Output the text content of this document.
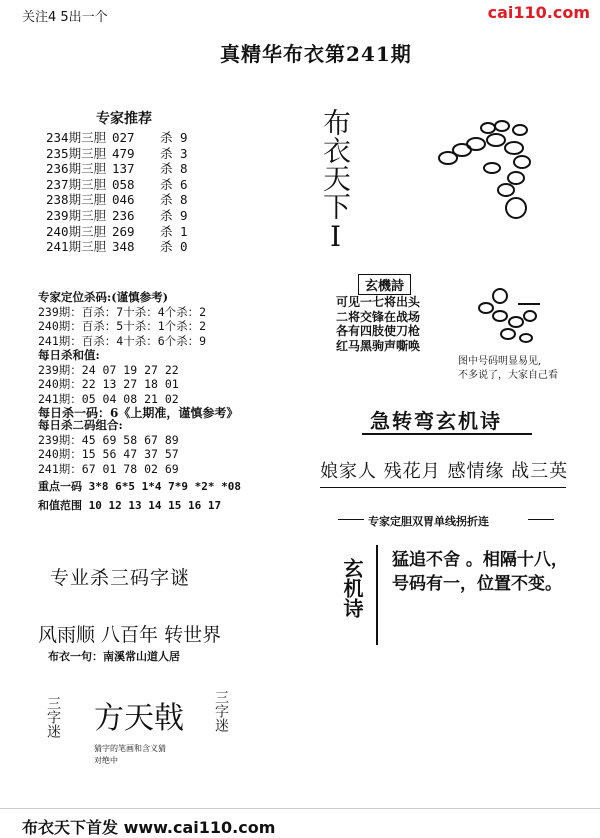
关注4 5出一个	cai110.com
真精华布衣第241期
专家推荐
234期三胆 027 杀 9
235期三胆 479 杀 3
236期三胆 137 杀 8
237期三胆 058 杀 6
238期三胆 046 杀 8
239期三胆 236 杀 9
240期三胆 269 杀 1
241期三胆 348 杀 0
专家定位杀码:(谨慎参考)
239期：百杀：7十杀：4个杀：2
240期：百杀：5十杀：1个杀：2
241期：百杀：4十杀：6个杀：9
每日杀和值:
239期：24 07 19 27 22
240期：22 13 27 18 01
241期：05 04 08 21 02
每日杀一码：6《上期准，谨慎参考》
每日杀二码组合:
239期：45 69 58 67 89
240期：15 56 47 37 57
241期：67 01 78 02 69
重点一码 3*8 6*5 1*4 7*9 *2* *08
和值范围 10 12 13 14 15 16 17
布衣天下I
玄機詩
可见一七将出头
二将交锋在战场
各有四肢使刀枪
红马黑驹声嘶唤
图中号码明显易见,
不多说了，大家自己看
急转弯玄机诗
娘家人 残花月 感情缘 战三英
专家定胆双胃单线拐折连
玄机诗 猛追不舍 。相隔十八，
号码有一，位置不变。
专业杀三码字谜
风雨顺 八百年 转世界
布衣一句：南溪常山道人居
三字迷 方天戟 三字迷
猜字的笔画和含义猜
对绝中
布衣天下首发 www.cai110.com
